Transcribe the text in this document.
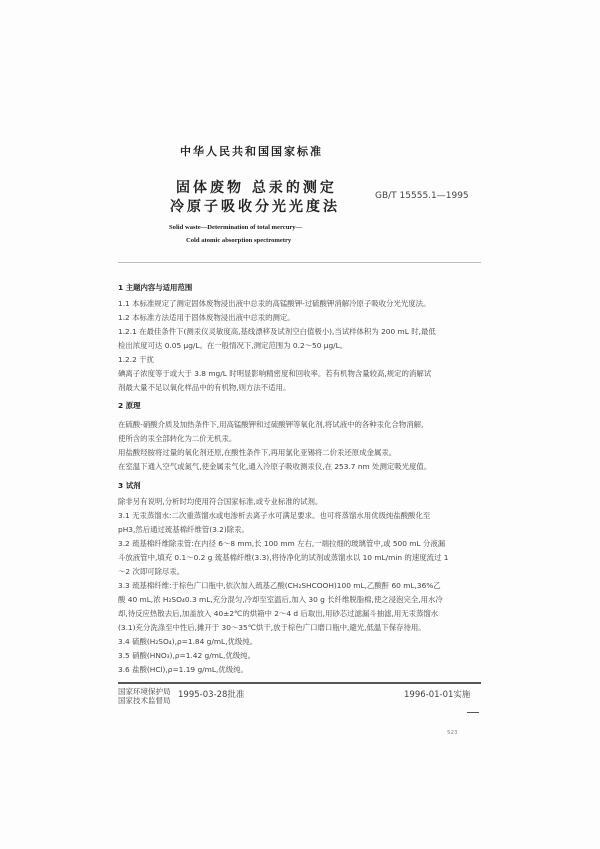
中华人民共和国国家标准
固体废物 总汞的测定
冷原子吸收分光光度法
GB/T 15555.1—1995
Solid waste—Determination of total mercury—
Cold atomic absorption spectrometry
1 主题内容与适用范围
1.1 本标准规定了测定固体废物浸出液中总汞的高锰酸钾-过硫酸钾消解冷原子吸收分光光度法。
1.2 本标准方法适用于固体废物浸出液中总汞的测定。
1.2.1 在最佳条件下(测汞仪灵敏度高,基线漂移及试剂空白值极小),当试样体积为 200 mL 时,最低
检出浓度可达 0.05 μg/L。在一般情况下,测定范围为 0.2～50 μg/L。
1.2.2 干扰
碘离子浓度等于或大于 3.8 mg/L 时明显影响精密度和回收率。若有机物含量较高,规定的消解试
剂最大量不足以氧化样品中的有机物,则方法不适用。
2 原理
在硫酸-硝酸介质及加热条件下,用高锰酸钾和过硫酸钾等氧化剂,将试液中的各种汞化合物消解,
使所含的汞全部转化为二价无机汞。
用盐酸羟胺将过量的氧化剂还原,在酸性条件下,再用氯化亚锡将二价汞还原成金属汞。
在室温下通入空气或氮气,使金属汞气化,通入冷原子吸收测汞仪,在 253.7 nm 处测定吸光度值。
3 试剂
除非另有说明,分析时均使用符合国家标准,或专业标准的试剂。
3.1 无汞蒸馏水:二次重蒸馏水或电渗析去离子水可满足要求。也可将蒸馏水用优级纯盐酸酸化至
pH3,然后通过巯基棉纤维管(3.2)除汞。
3.2 巯基棉纤维除汞管:在内径 6～8 mm,长 100 mm 左右,一端拉细的玻璃管中,或 500 mL 分液漏
斗放液管中,填充 0.1～0.2 g 巯基棉纤维(3.3),将待净化的试剂或蒸馏水以 10 mL/min 的速度流过 1
～2 次即可除尽汞。
3.3 巯基棉纤维:于棕色广口瓶中,依次加入巯基乙酸(CH₂SHCOOH)100 mL,乙酸酐 60 mL,36%乙
酸 40 mL,浓 H₂SO₄0.3 mL,充分混匀,冷却至室温后,加入 30 g 长纤维脱脂棉,使之浸泡完全,用水冷
却,待反应热散去后,加盖放入 40±2℃的烘箱中 2～4 d 后取出,用砂芯过滤漏斗抽滤,用无汞蒸馏水
(3.1)充分洗涤至中性后,摊开于 30～35℃烘干,放于棕色广口磨口瓶中,避光,低温下保存待用。
3.4 硫酸(H₂SO₄),ρ=1.84 g/mL,优级纯。
3.5 硝酸(HNO₃),ρ=1.42 g/mL,优级纯。
3.6 盐酸(HCl),ρ=1.19 g/mL,优级纯。
国家环境保护局
国家技术监督局
1995-03-28批准	1996-01-01实施
523
